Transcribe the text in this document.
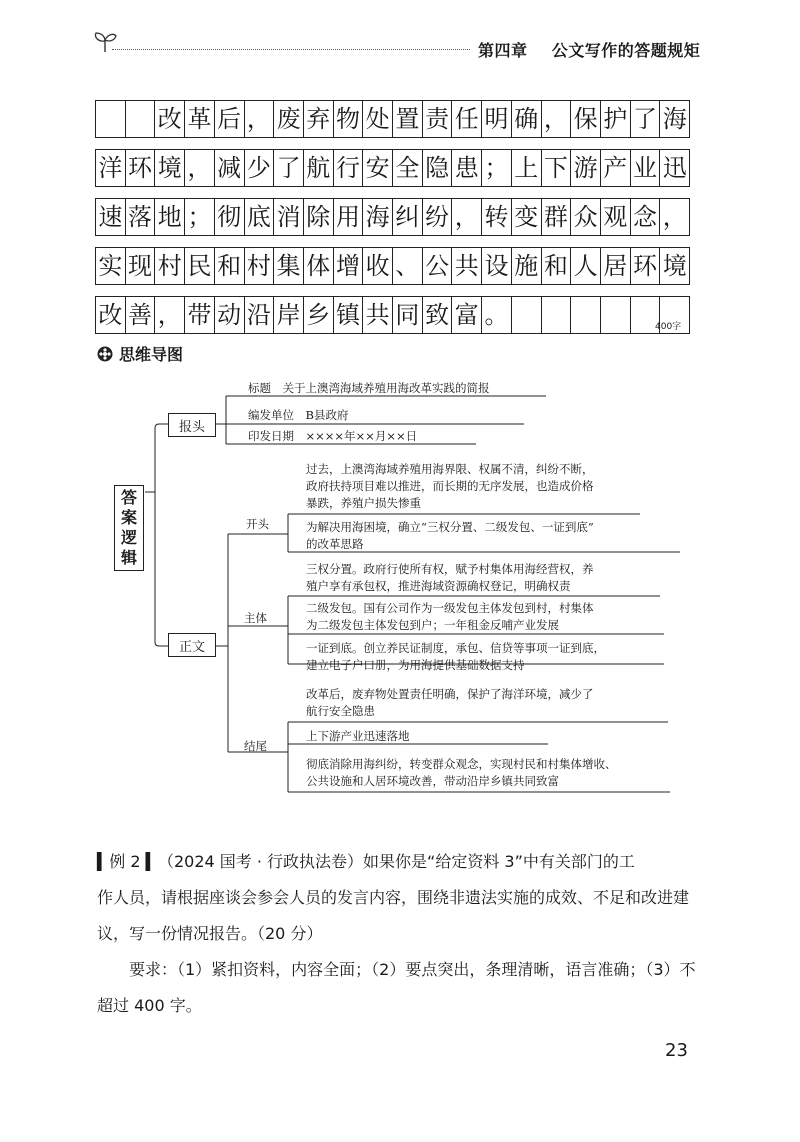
第四章 公文写作的答题规矩
改 革 后 ， 废 弃 物 处 置 责 任 明 确 ， 保 护 了 海
洋 环 境 ， 减 少 了 航 行 安 全 隐 患 ； 上 下 游 产 业 迅
速 落 地 ； 彻 底 消 除 用 海 纠 纷 ， 转 变 群 众 观 念 ，
实 现 村 民 和 村 集 体 增 收 、 公 共 设 施 和 人 居 环 境
改 善 ， 带 动 沿 岸 乡 镇 共 同 致 富 。	400字
思维导图
答
案
逻
辑
报头
正文
开头
主体
结尾
标题　关于上澳湾海域养殖用海改革实践的简报
编发单位　B县政府
印发日期　××××年××月××日
过去，上澳湾海域养殖用海界限、权属不清，纠纷不断，
政府扶持项目难以推进，而长期的无序发展，也造成价格
暴跌，养殖户损失惨重
为解决用海困境，确立“三权分置、二级发包、一证到底”
的改革思路
三权分置。政府行使所有权，赋予村集体用海经营权，养
殖户享有承包权，推进海域资源确权登记，明确权责
二级发包。国有公司作为一级发包主体发包到村，村集体
为二级发包主体发包到户；一年租金反哺产业发展
一证到底。创立养民证制度，承包、信贷等事项一证到底，
建立电子户口册，为用海提供基础数据支持
改革后，废弃物处置责任明确，保护了海洋环境，减少了
航行安全隐患
上下游产业迅速落地
彻底消除用海纠纷，转变群众观念，实现村民和村集体增收、
公共设施和人居环境改善，带动沿岸乡镇共同致富
▍例 2 ▍（2024 国考 · 行政执法卷）如果你是“给定资料 3”中有关部门的工
作人员，请根据座谈会参会人员的发言内容，围绕非遗法实施的成效、不足和改进建
议，写一份情况报告。（20 分）
　　要求：（1）紧扣资料，内容全面；（2）要点突出，条理清晰，语言准确；（3）不
超过 400 字。
23
